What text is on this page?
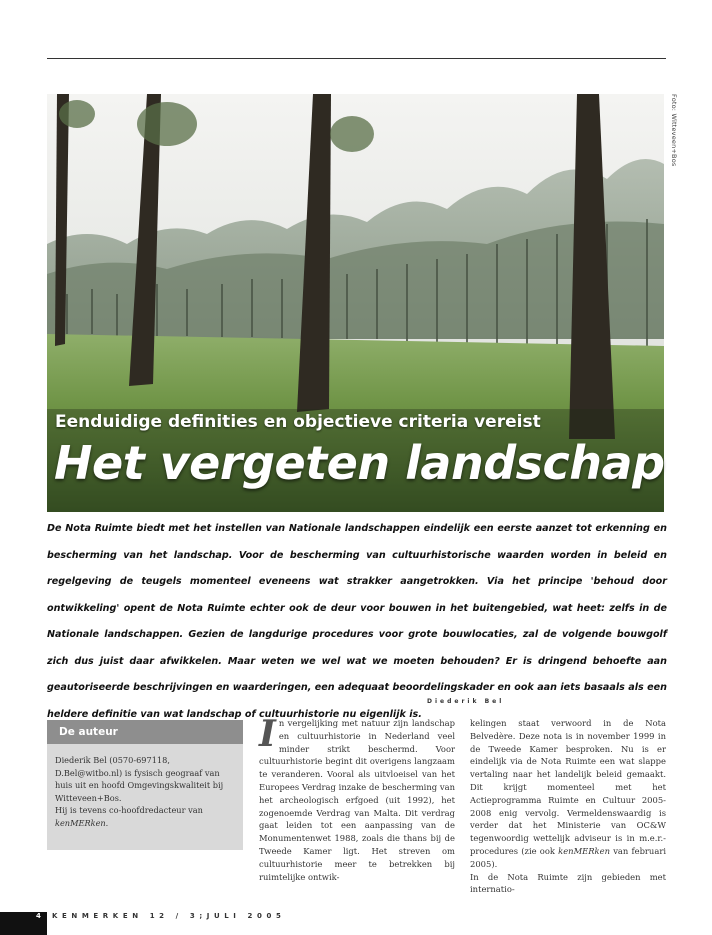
Foto: Witteveen+Bos
Eenduidige definities en objectieve criteria vereist
Het vergeten landschap
De Nota Ruimte biedt met het instellen van Nationale landschappen eindelijk een eerste aanzet tot erkenning en bescherming van het landschap. Voor de bescherming van cultuurhistorische waarden worden in beleid en regelgeving de teugels momenteel eveneens wat strakker aangetrokken. Via het principe 'behoud door ontwikkeling' opent de Nota Ruimte echter ook de deur voor bouwen in het buitengebied, wat heet: zelfs in de Nationale landschappen. Gezien de langdurige procedures voor grote bouwlocaties, zal de volgende bouwgolf zich dus juist daar afwikkelen. Maar weten we wel wat we moeten behouden? Er is dringend behoefte aan geautoriseerde beschrijvingen en waarderingen, een adequaat beoordelingskader en ook aan iets basaals als een heldere definitie van wat landschap of cultuurhistorie nu eigenlijk is.
Diederik Bel
De auteur
Diederik Bel (0570-697118, D.Bel@witbo.nl) is fysisch geograaf van huis uit en hoofd Omgevingskwaliteit bij Witteveen+Bos.
Hij is tevens co-hoofdredacteur van
kenMERken.
I n vergelijking met natuur zijn landschap en cultuurhistorie in Nederland veel minder strikt beschermd. Voor cultuurhistorie begint dit overigens langzaam te veranderen. Vooral als uitvloeisel van het Europees Verdrag inzake de bescherming van het archeologisch erfgoed (uit 1992), het zogenoemde Verdrag van Malta. Dit verdrag gaat leiden tot een aanpassing van de Monumentenwet 1988, zoals die thans bij de Tweede Kamer ligt. Het streven om cultuurhistorie meer te betrekken bij ruimtelijke ontwik-
kelingen staat verwoord in de Nota Belvedère. Deze nota is in november 1999 in de Tweede Kamer besproken. Nu is er eindelijk via de Nota Ruimte een wat slappe vertaling naar het landelijk beleid gemaakt. Dit krijgt momenteel met het Actieprogramma Ruimte en Cultuur 2005-2008 enig vervolg. Vermeldenswaardig is verder dat het Ministerie van OC&W tegenwoordig wettelijk adviseur is in m.e.r.-procedures (zie ook kenMERken van februari 2005).
In de Nota Ruimte zijn gebieden met internatio-
4 KENMERKEN 12 / 3;JULI 2005
